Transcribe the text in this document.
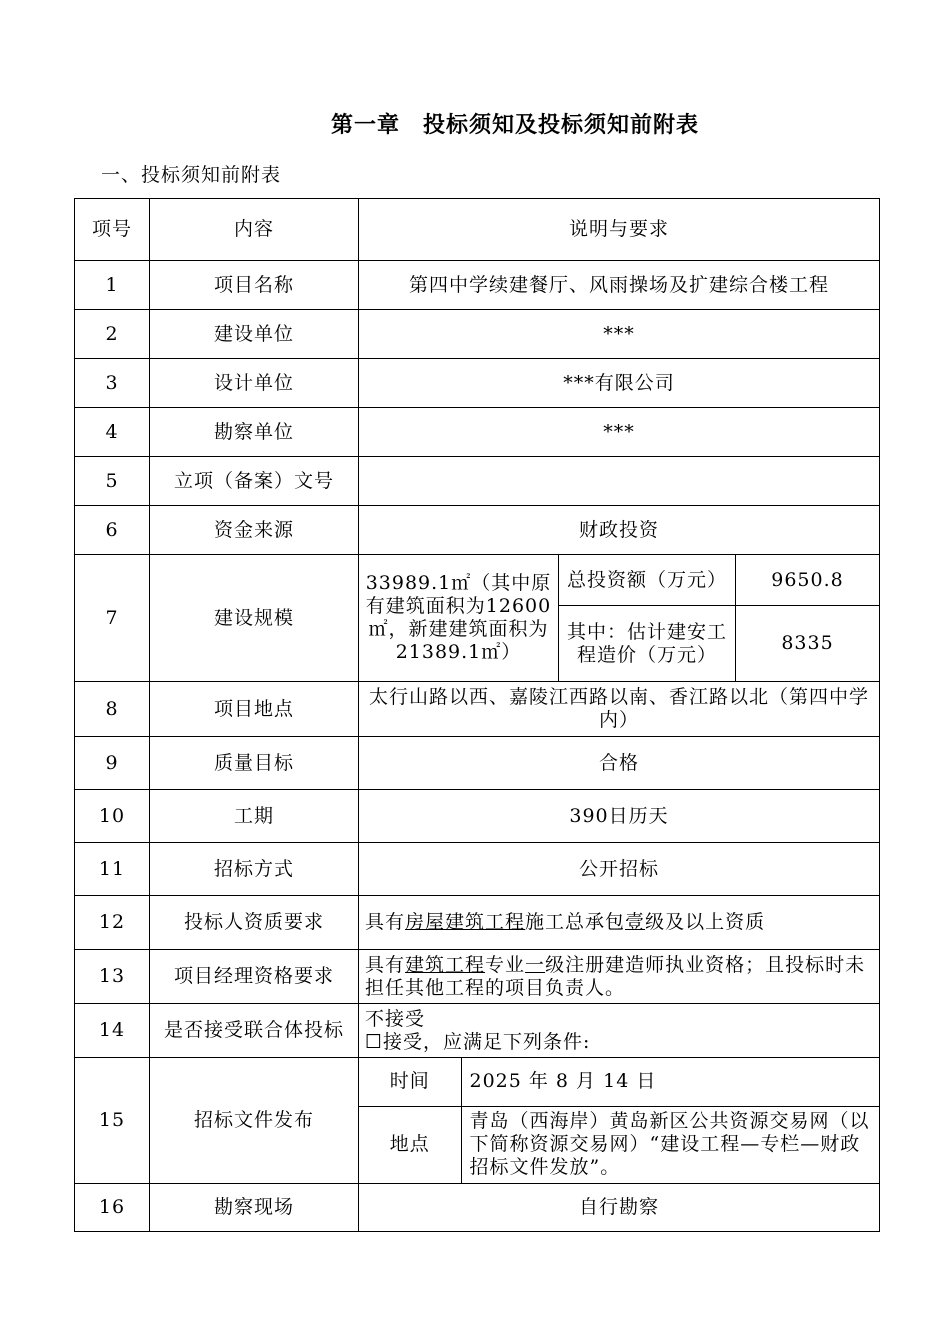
第一章　投标须知及投标须知前附表
一、投标须知前附表
项号	内容	说明与要求
1	项目名称	第四中学续建餐厅、风雨操场及扩建综合楼工程
2	建设单位	***
3	设计单位	***有限公司
4	勘察单位	***
5	立项（备案）文号	
6	资金来源	财政投资
7	建设规模	33989.1㎡（其中原有建筑面积为12600㎡，新建建筑面积为21389.1㎡）	总投资额（万元）	9650.8
其中：估计建安工程造价（万元）	8335
8	项目地点	太行山路以西、嘉陵江西路以南、香江路以北（第四中学内）
9	质量目标	合格
10	工期	390日历天
11	招标方式	公开招标
12	投标人资质要求	具有房屋建筑工程施工总承包壹级及以上资质
13	项目经理资格要求	具有建筑工程专业一级注册建造师执业资格；且投标时未担任其他工程的项目负责人。
14	是否接受联合体投标	
不接受
☐接受，应满足下列条件:

15	招标文件发布	
时间	2025 年 8 月 14 日
地点	青岛（西海岸）黄岛新区公共资源交易网（以下简称资源交易网）“建设工程—专栏—财政招标文件发放”。

16	勘察现场	自行勘察
